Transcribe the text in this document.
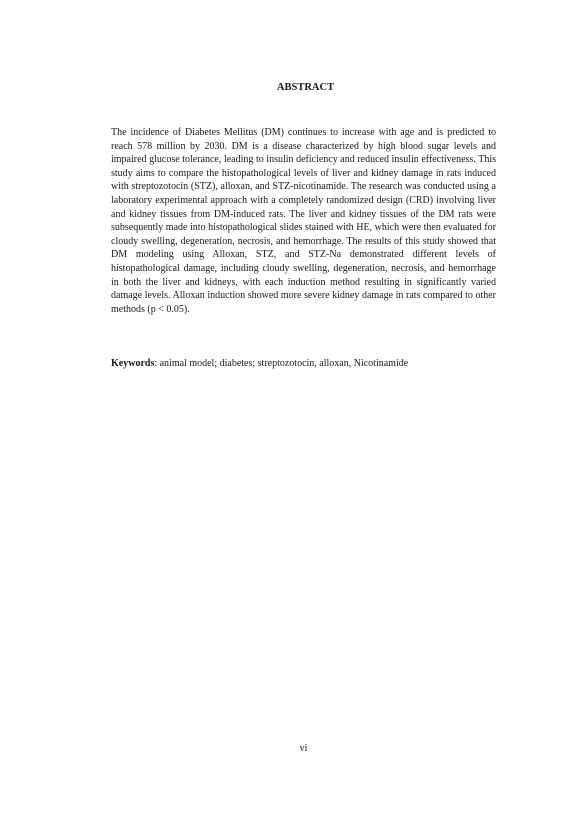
ABSTRACT

The incidence of Diabetes Mellitus (DM) continues to increase with age and is predicted to reach 578 million by 2030. DM is a disease characterized by high blood sugar levels and impaired glucose tolerance, leading to insulin deficiency and reduced insulin effectiveness. This study aims to compare the histopathological levels of liver and kidney damage in rats induced with streptozotocin (STZ), alloxan, and STZ-nicotinamide. The research was conducted using a laboratory experimental approach with a completely randomized design (CRD) involving liver and kidney tissues from DM-induced rats. The liver and kidney tissues of the DM rats were subsequently made into histopathological slides stained with HE, which were then evaluated for cloudy swelling, degeneration, necrosis, and hemorrhage. The results of this study showed that DM modeling using Alloxan, STZ, and STZ-Na demonstrated different levels of histopathological damage, including cloudy swelling, degeneration, necrosis, and hemorrhage in both the liver and kidneys, with each induction method resulting in significantly varied damage levels. Alloxan induction showed more severe kidney damage in rats compared to other methods (p < 0.05).

Keywords: animal model; diabetes; streptozotocin, alloxan, Nicotinamide

vi
